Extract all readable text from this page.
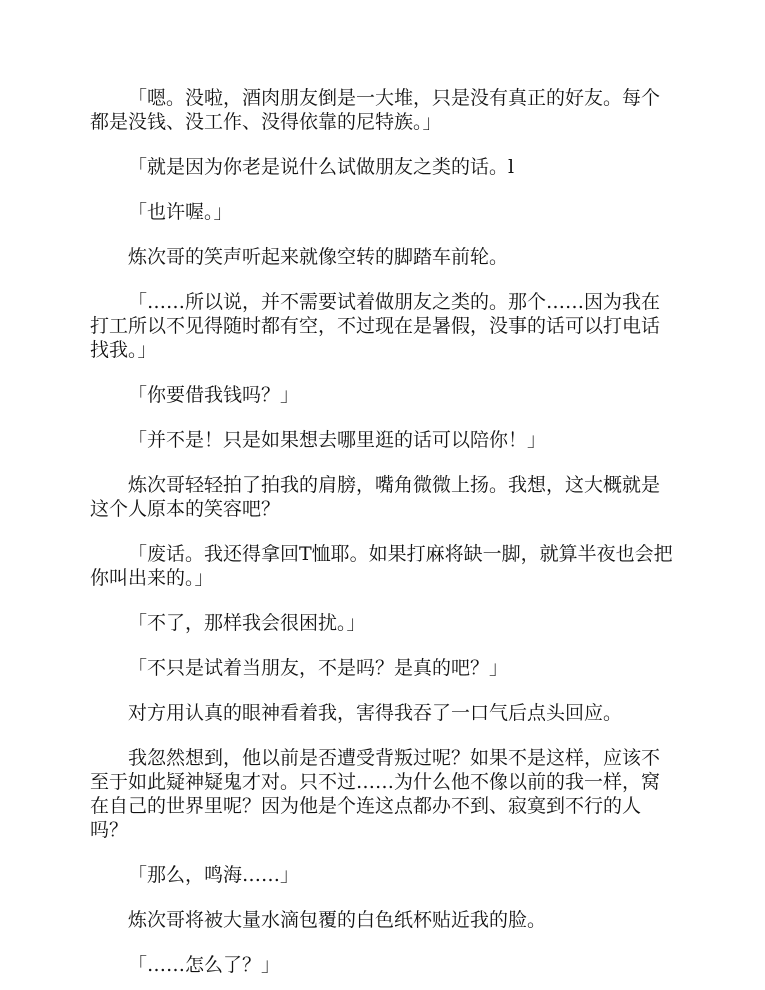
「嗯。没啦，酒肉朋友倒是一大堆，只是没有真正的好友。每个都是没钱、没工作、没得依靠的尼特族。」

「就是因为你老是说什么试做朋友之类的话。l

「也许喔。」

炼次哥的笑声听起来就像空转的脚踏车前轮。

「……所以说，并不需要试着做朋友之类的。那个……因为我在打工所以不见得随时都有空，不过现在是暑假，没事的话可以打电话找我。」

「你要借我钱吗？」

「并不是！只是如果想去哪里逛的话可以陪你！」

炼次哥轻轻拍了拍我的肩膀，嘴角微微上扬。我想，这大概就是这个人原本的笑容吧？

「废话。我还得拿回T恤耶。如果打麻将缺一脚，就算半夜也会把你叫出来的。」

「不了，那样我会很困扰。」

「不只是试着当朋友，不是吗？是真的吧？」

对方用认真的眼神看着我，害得我吞了一口气后点头回应。

我忽然想到，他以前是否遭受背叛过呢？如果不是这样，应该不至于如此疑神疑鬼才对。只不过……为什么他不像以前的我一样，窝在自己的世界里呢？因为他是个连这点都办不到、寂寞到不行的人吗？

「那么，鸣海……」

炼次哥将被大量水滴包覆的白色纸杯贴近我的脸。

「……怎么了？」
